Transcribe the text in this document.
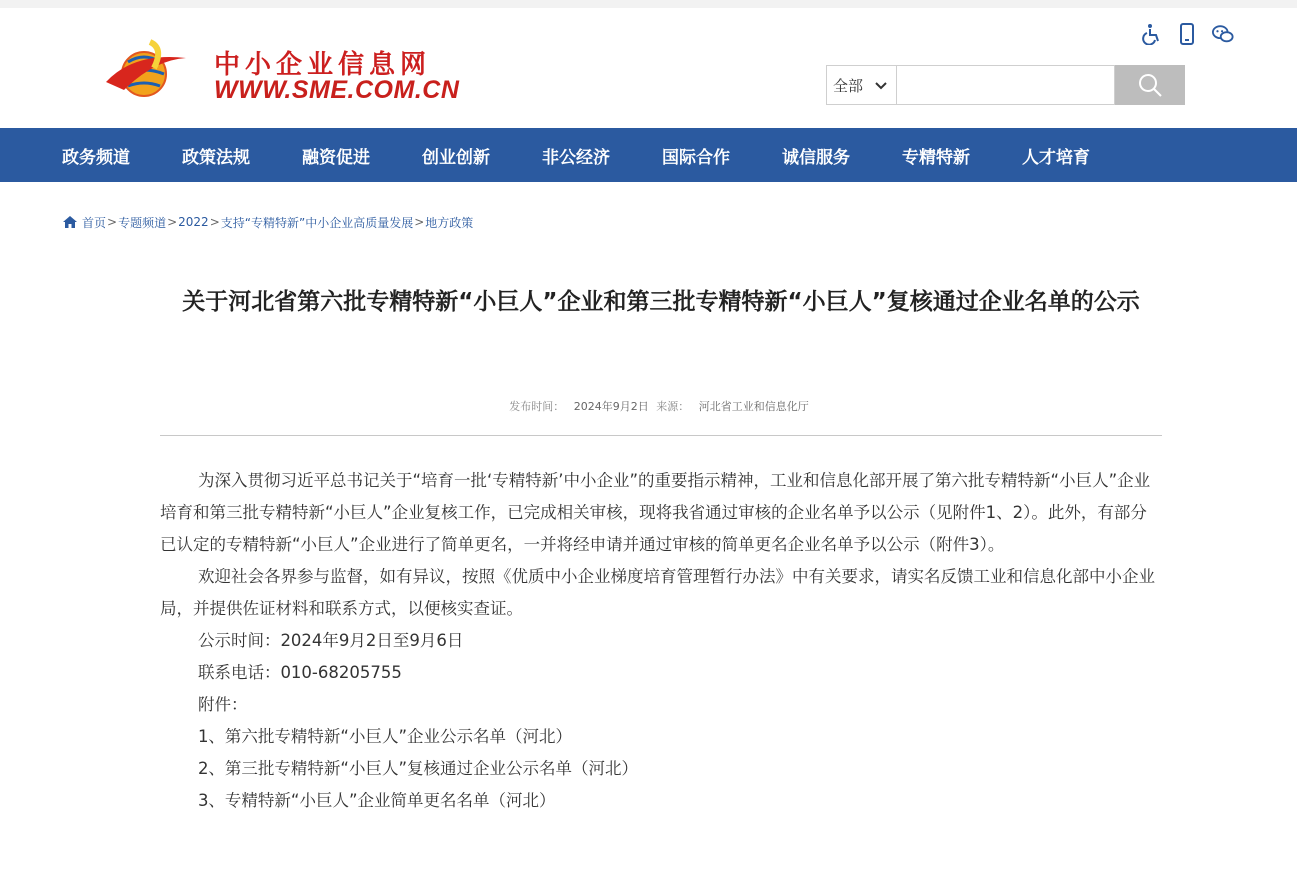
中小企业信息网
WWW.SME.COM.CN	全部
政务频道	政策法规	融资促进	创业创新	非公经济	国际合作	诚信服务	专精特新	人才培育
首页 > 专题频道 > 2022 > 支持“专精特新”中小企业高质量发展 > 地方政策
关于河北省第六批专精特新“小巨人”企业和第三批专精特新“小巨人”复核通过企业名单的公示
发布时间： 2024年9月2日 来源： 河北省工业和信息化厅

为深入贯彻习近平总书记关于“培育一批‘专精特新’中小企业”的重要指示精神，工业和信息化部开展了第六批专精特新“小巨人”企业培育和第三批专精特新“小巨人”企业复核工作，已完成相关审核，现将我省通过审核的企业名单予以公示（见附件1、2）。此外，有部分已认定的专精特新“小巨人”企业进行了简单更名，一并将经申请并通过审核的简单更名企业名单予以公示（附件3）。

欢迎社会各界参与监督，如有异议，按照《优质中小企业梯度培育管理暂行办法》中有关要求，请实名反馈工业和信息化部中小企业局，并提供佐证材料和联系方式，以便核实查证。

公示时间：2024年9月2日至9月6日

联系电话：010-68205755

附件：

1、第六批专精特新“小巨人”企业公示名单（河北）

2、第三批专精特新“小巨人”复核通过企业公示名单（河北）

3、专精特新“小巨人”企业简单更名名单（河北）
